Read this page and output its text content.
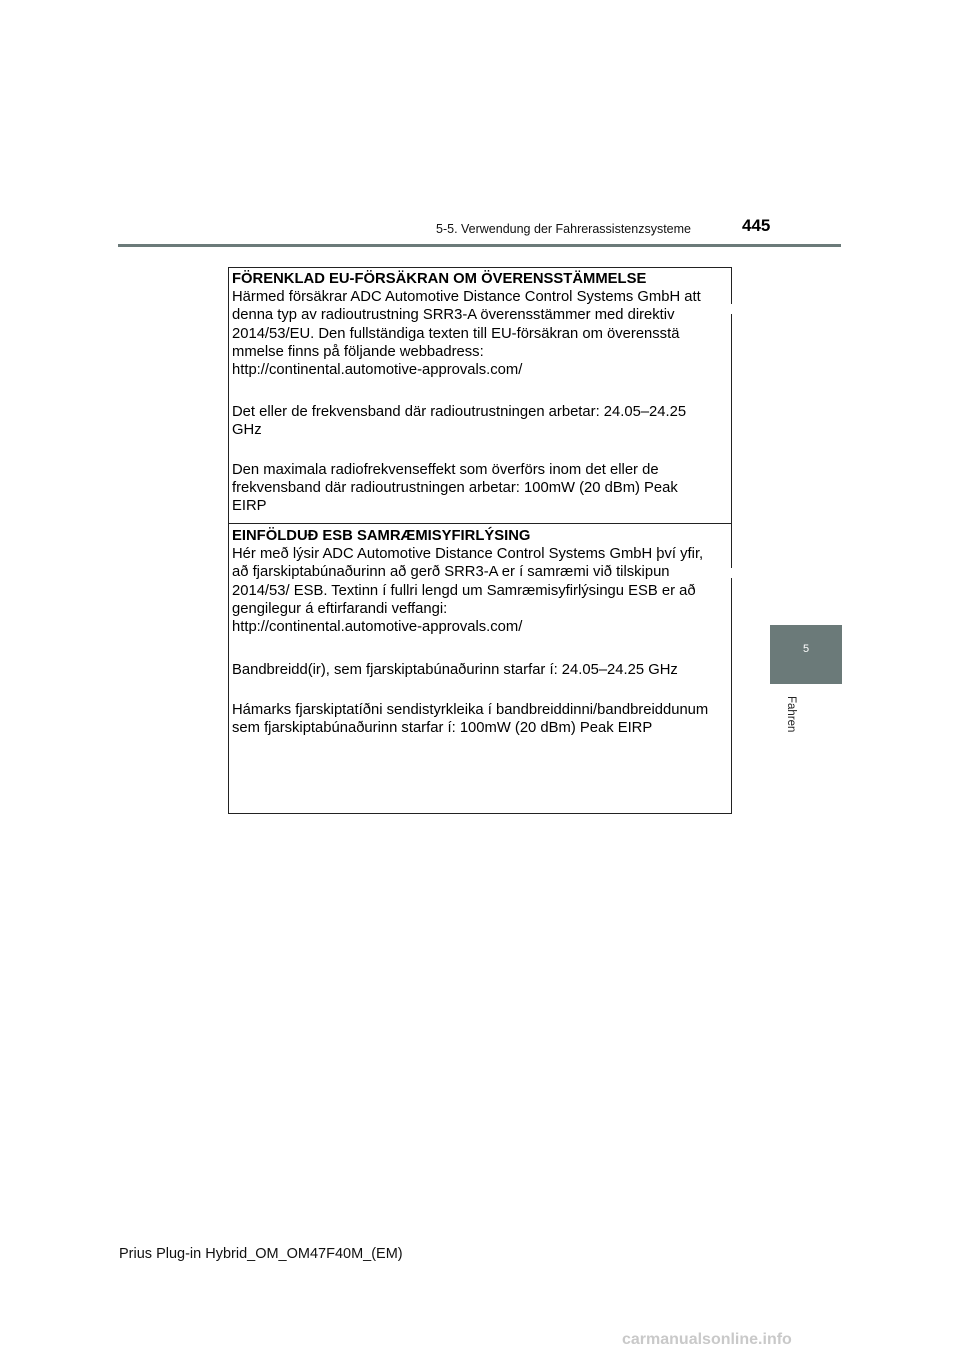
5-5. Verwendung der Fahrerassistenzsysteme	445
5
Fahren
FÖRENKLAD EU-FÖRSÄKRAN OM ÖVERENSSTÄMMELSE
Härmed försäkrar ADC Automotive Distance Control Systems GmbH att
denna typ av radioutrustning SRR3-A överensstämmer med direktiv
2014/53/EU. Den fullständiga texten till EU-försäkran om överensstä
mmelse finns på följande webbadress:
http://continental.automotive-approvals.com/
Det eller de frekvensband där radioutrustningen arbetar: 24.05–24.25
GHz
Den maximala radiofrekvenseffekt som överförs inom det eller de
frekvensband där radioutrustningen arbetar: 100mW (20 dBm) Peak
EIRP
EINFÖLDUÐ ESB SAMRÆMISYFIRLÝSING
Hér með lýsir ADC Automotive Distance Control Systems GmbH því yfir,
að fjarskiptabúnaðurinn að gerð SRR3-A er í samræmi við tilskipun
2014/53/ ESB. Textinn í fullri lengd um Samræmisyfirlýsingu ESB er að
gengilegur á eftirfarandi veffangi:
http://continental.automotive-approvals.com/
Bandbreidd(ir), sem fjarskiptabúnaðurinn starfar í: 24.05–24.25 GHz
Hámarks fjarskiptatíðni sendistyrkleika í bandbreiddinni/bandbreiddunum
sem fjarskiptabúnaðurinn starfar í: 100mW (20 dBm) Peak EIRP
Prius Plug-in Hybrid_OM_OM47F40M_(EM)
carmanualsonline.info
